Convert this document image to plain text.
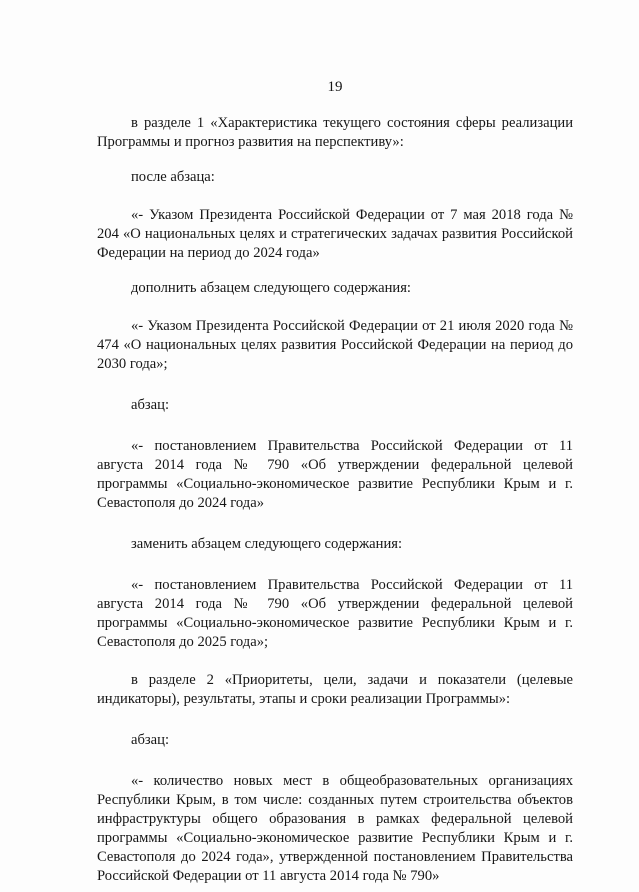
19

в разделе 1 «Характеристика текущего состояния сферы реализации Программы и прогноз развития на перспективу»:

после абзаца:

«- Указом Президента Российской Федерации от 7 мая 2018 года № 204 «О национальных целях и стратегических задачах развития Российской Федерации на период до 2024 года»

дополнить абзацем следующего содержания:

«- Указом Президента Российской Федерации от 21 июля 2020 года № 474 «О национальных целях развития Российской Федерации на период до 2030 года»;

абзац:

«- постановлением Правительства Российской Федерации от 11 августа 2014 года № 790 «Об утверждении федеральной целевой программы «Социально-экономическое развитие Республики Крым и г. Севастополя до 2024 года»

заменить абзацем следующего содержания:

«- постановлением Правительства Российской Федерации от 11 августа 2014 года № 790 «Об утверждении федеральной целевой программы «Социально-экономическое развитие Республики Крым и г. Севастополя до 2025 года»;

в разделе 2 «Приоритеты, цели, задачи и показатели (целевые индикаторы), результаты, этапы и сроки реализации Программы»:

абзац:

«- количество новых мест в общеобразовательных организациях Республики Крым, в том числе: созданных путем строительства объектов инфраструктуры общего образования в рамках федеральной целевой программы «Социально-экономическое развитие Республики Крым и г. Севастополя до 2024 года», утвержденной постановлением Правительства Российской Федерации от 11 августа 2014 года № 790»
